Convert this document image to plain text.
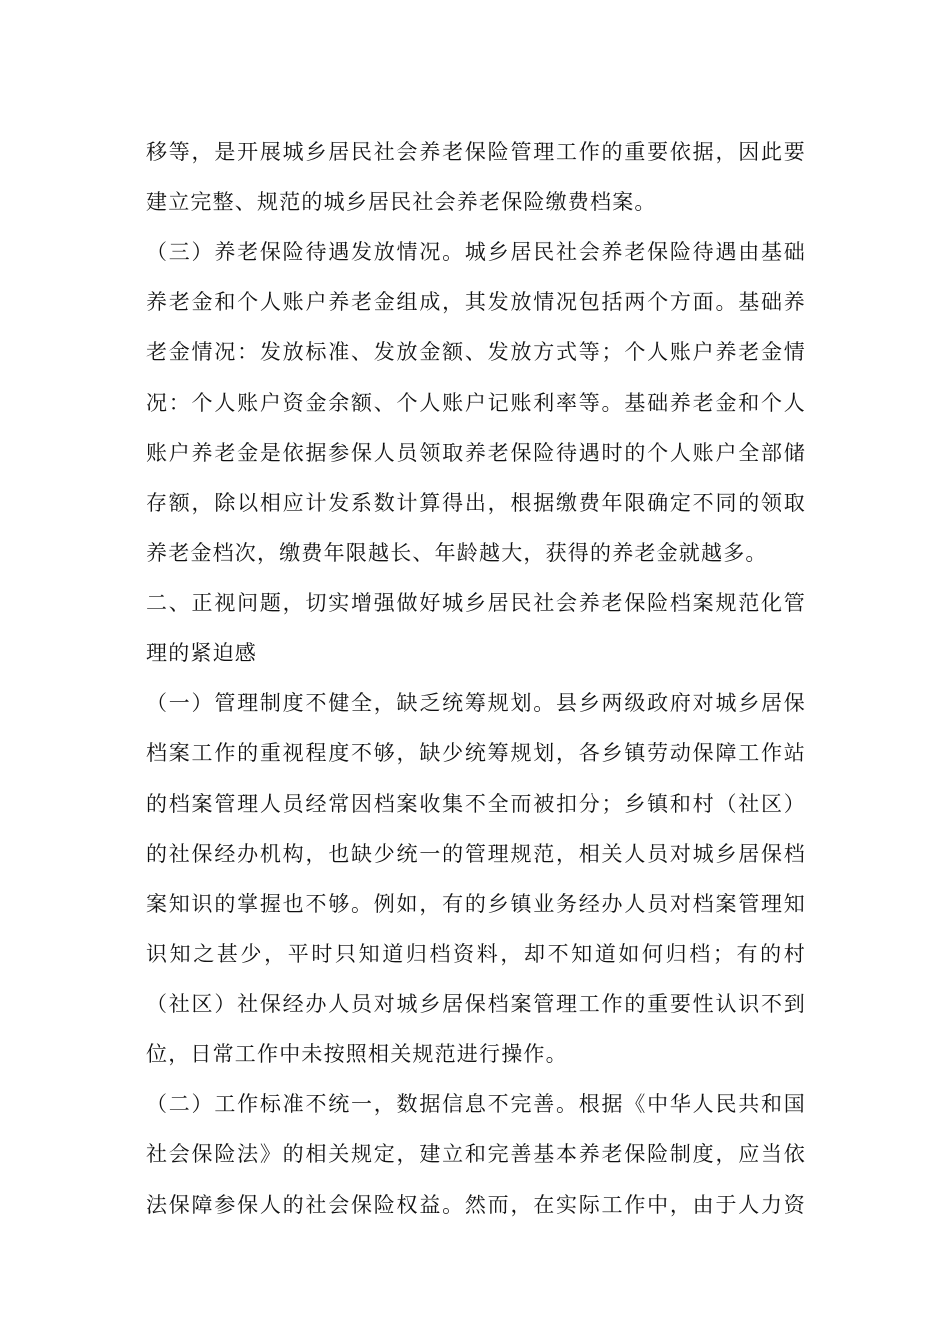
移等，是开展城乡居民社会养老保险管理工作的重要依据，因此要
建立完整、规范的城乡居民社会养老保险缴费档案。
（三）养老保险待遇发放情况。城乡居民社会养老保险待遇由基础
养老金和个人账户养老金组成，其发放情况包括两个方面。基础养
老金情况：发放标准、发放金额、发放方式等；个人账户养老金情
况：个人账户资金余额、个人账户记账利率等。基础养老金和个人
账户养老金是依据参保人员领取养老保险待遇时的个人账户全部储
存额，除以相应计发系数计算得出，根据缴费年限确定不同的领取
养老金档次，缴费年限越长、年龄越大，获得的养老金就越多。
二、正视问题，切实增强做好城乡居民社会养老保险档案规范化管
理的紧迫感
（一）管理制度不健全，缺乏统筹规划。县乡两级政府对城乡居保
档案工作的重视程度不够，缺少统筹规划，各乡镇劳动保障工作站
的档案管理人员经常因档案收集不全而被扣分；乡镇和村（社区）
的社保经办机构，也缺少统一的管理规范，相关人员对城乡居保档
案知识的掌握也不够。例如，有的乡镇业务经办人员对档案管理知
识知之甚少，平时只知道归档资料，却不知道如何归档；有的村
（社区）社保经办人员对城乡居保档案管理工作的重要性认识不到
位，日常工作中未按照相关规范进行操作。
（二）工作标准不统一，数据信息不完善。根据《中华人民共和国
社会保险法》的相关规定，建立和完善基本养老保险制度，应当依
法保障参保人的社会保险权益。然而，在实际工作中，由于人力资
